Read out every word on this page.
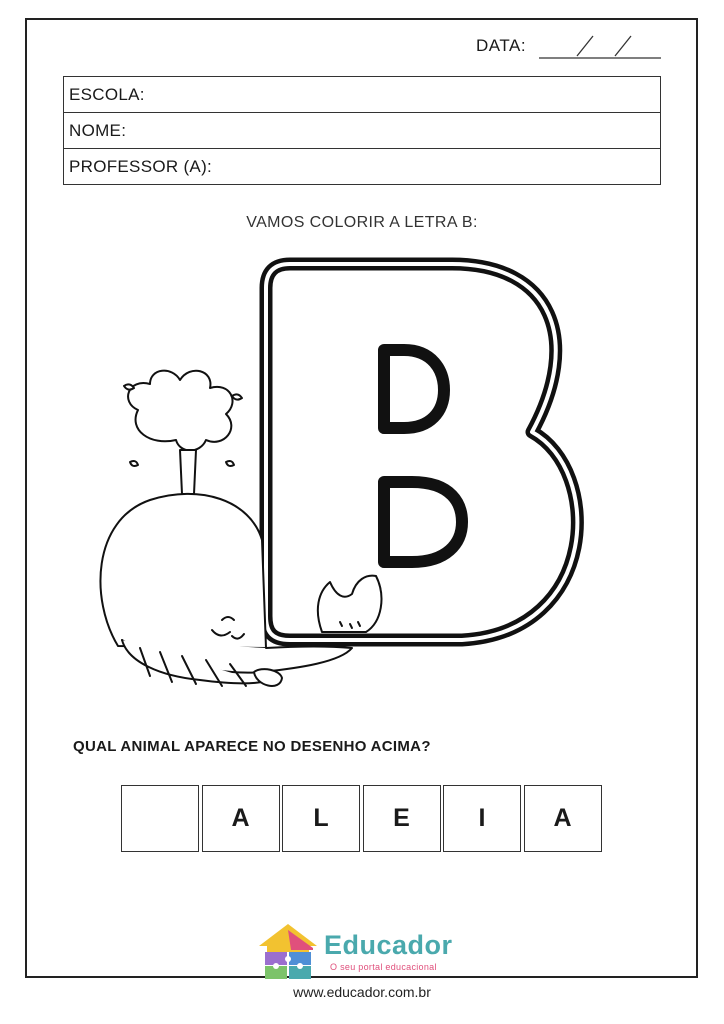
DATA:
ESCOLA:
NOME:
PROFESSOR (A):
VAMOS COLORIR A LETRA B:
QUAL ANIMAL APARECE NO DESENHO ACIMA?
A	L	E	I	A
Educador
O seu portal educacional
www.educador.com.br
